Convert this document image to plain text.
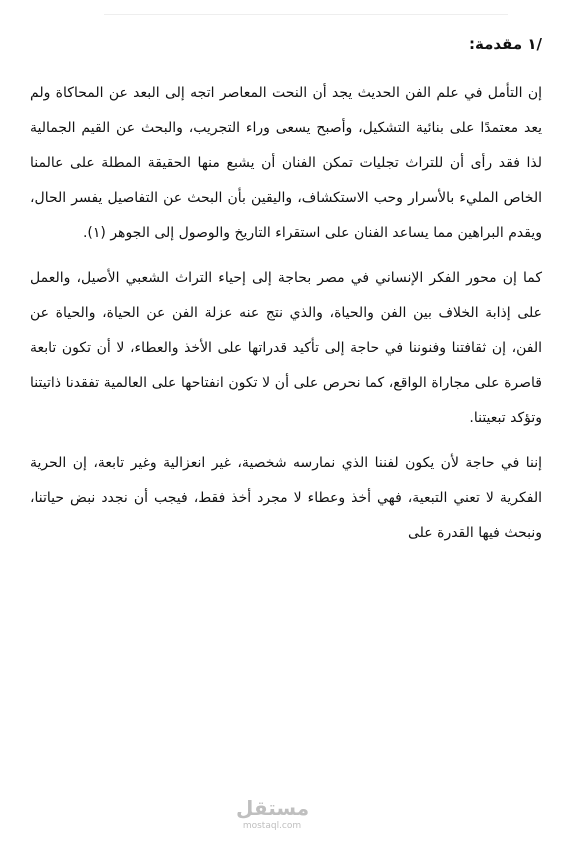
/١ مقدمة:

إن التأمل في علم الفن الحديث يجد أن النحت المعاصر اتجه إلى البعد عن المحاكاة ولم يعد معتمدًا على بنائية التشكيل، وأصبح يسعى وراء التجريب، والبحث عن القيم الجمالية لذا فقد رأى أن للتراث تجليات تمكن الفنان أن يشبع منها الحقيقة المطلة على عالمنا الخاص المليء بالأسرار وحب الاستكشاف، واليقين بأن البحث عن التفاصيل يفسر الحال، ويقدم البراهين مما يساعد الفنان على استقراء التاريخ والوصول إلى الجوهر (١).

كما إن محور الفكر الإنساني في مصر بحاجة إلى إحياء التراث الشعبي الأصيل، والعمل على إذابة الخلاف بين الفن والحياة، والذي نتج عنه عزلة الفن عن الحياة، والحياة عن الفن، إن ثقافتنا وفنوننا في حاجة إلى تأكيد قدراتها على الأخذ والعطاء، لا أن تكون تابعة قاصرة على مجاراة الواقع، كما نحرص على أن لا تكون انفتاحها على العالمية تفقدنا ذاتيتنا وتؤكد تبعيتنا.

إننا في حاجة لأن يكون لفننا الذي نمارسه شخصية، غير انعزالية وغير تابعة، إن الحرية الفكرية لا تعني التبعية، فهي أخذ وعطاء لا مجرد أخذ فقط، فيجب أن نجدد نبض حياتنا، ونبحث فيها القدرة على

مستقل
mostaql.com
